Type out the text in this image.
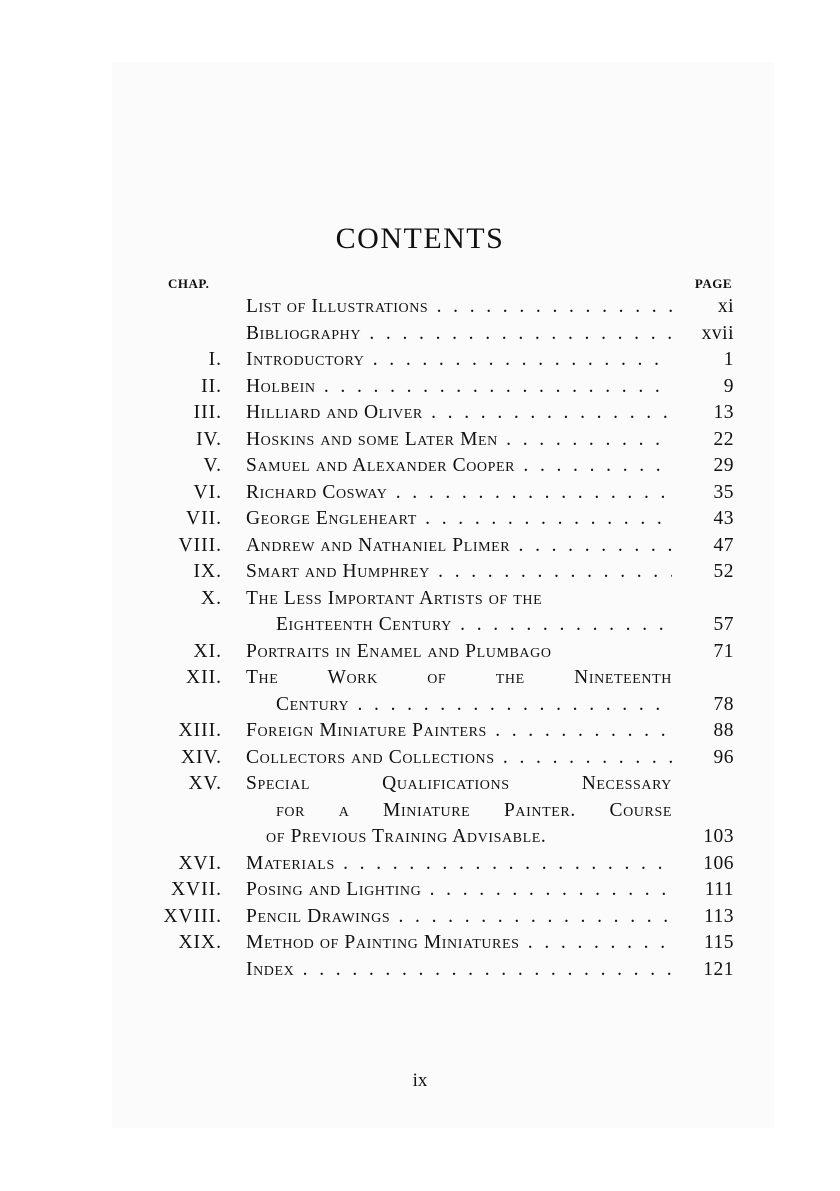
CONTENTS
CHAP.	PAGE
List of Illustrations . . .	xi
Bibliography . . .	xvii
I. Introductory . . .	1
II. Holbein . . .	9
III. Hilliard and Oliver . . .	13
IV. Hoskins and some Later Men . . .	22
V. Samuel and Alexander Cooper . . .	29
VI. Richard Cosway . . .	35
VII. George Engleheart . . .	43
VIII. Andrew and Nathaniel Plimer . . .	47
IX. Smart and Humphrey . . .	52
X. The Less Important Artists of the
Eighteenth Century . . .	57
XI. Portraits in Enamel and Plumbago	71
XII. The Work of the Nineteenth
Century . . .	78
XIII. Foreign Miniature Painters . . .	88
XIV. Collectors and Collections . . .	96
XV. Special Qualifications Necessary
for a Miniature Painter. Course
of Previous Training Advisable.	103
XVI. Materials . . .	106
XVII. Posing and Lighting . . .	111
XVIII. Pencil Drawings . . .	113
XIX. Method of Painting Miniatures . . .	115
Index . . .	121
ix
